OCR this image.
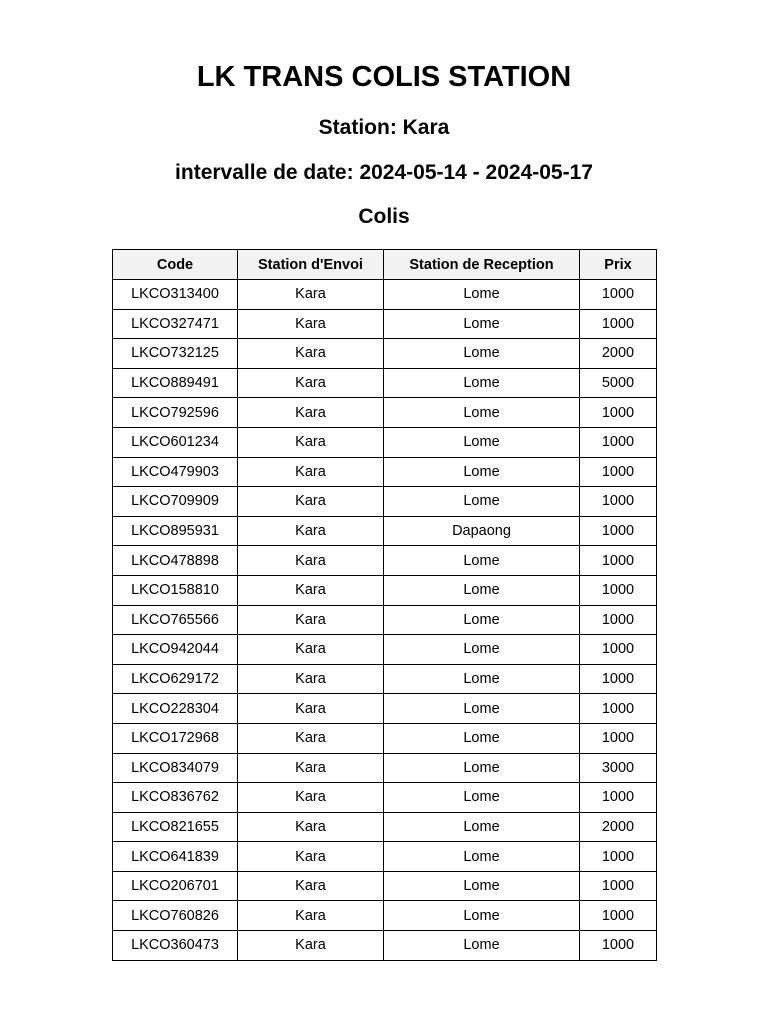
LK TRANS COLIS STATION
Station: Kara
intervalle de date: 2024-05-14 - 2024-05-17
Colis
Code	Station d'Envoi	Station de Reception	Prix
LKCO313400	Kara	Lome	1000
LKCO327471	Kara	Lome	1000
LKCO732125	Kara	Lome	2000
LKCO889491	Kara	Lome	5000
LKCO792596	Kara	Lome	1000
LKCO601234	Kara	Lome	1000
LKCO479903	Kara	Lome	1000
LKCO709909	Kara	Lome	1000
LKCO895931	Kara	Dapaong	1000
LKCO478898	Kara	Lome	1000
LKCO158810	Kara	Lome	1000
LKCO765566	Kara	Lome	1000
LKCO942044	Kara	Lome	1000
LKCO629172	Kara	Lome	1000
LKCO228304	Kara	Lome	1000
LKCO172968	Kara	Lome	1000
LKCO834079	Kara	Lome	3000
LKCO836762	Kara	Lome	1000
LKCO821655	Kara	Lome	2000
LKCO641839	Kara	Lome	1000
LKCO206701	Kara	Lome	1000
LKCO760826	Kara	Lome	1000
LKCO360473	Kara	Lome	1000
